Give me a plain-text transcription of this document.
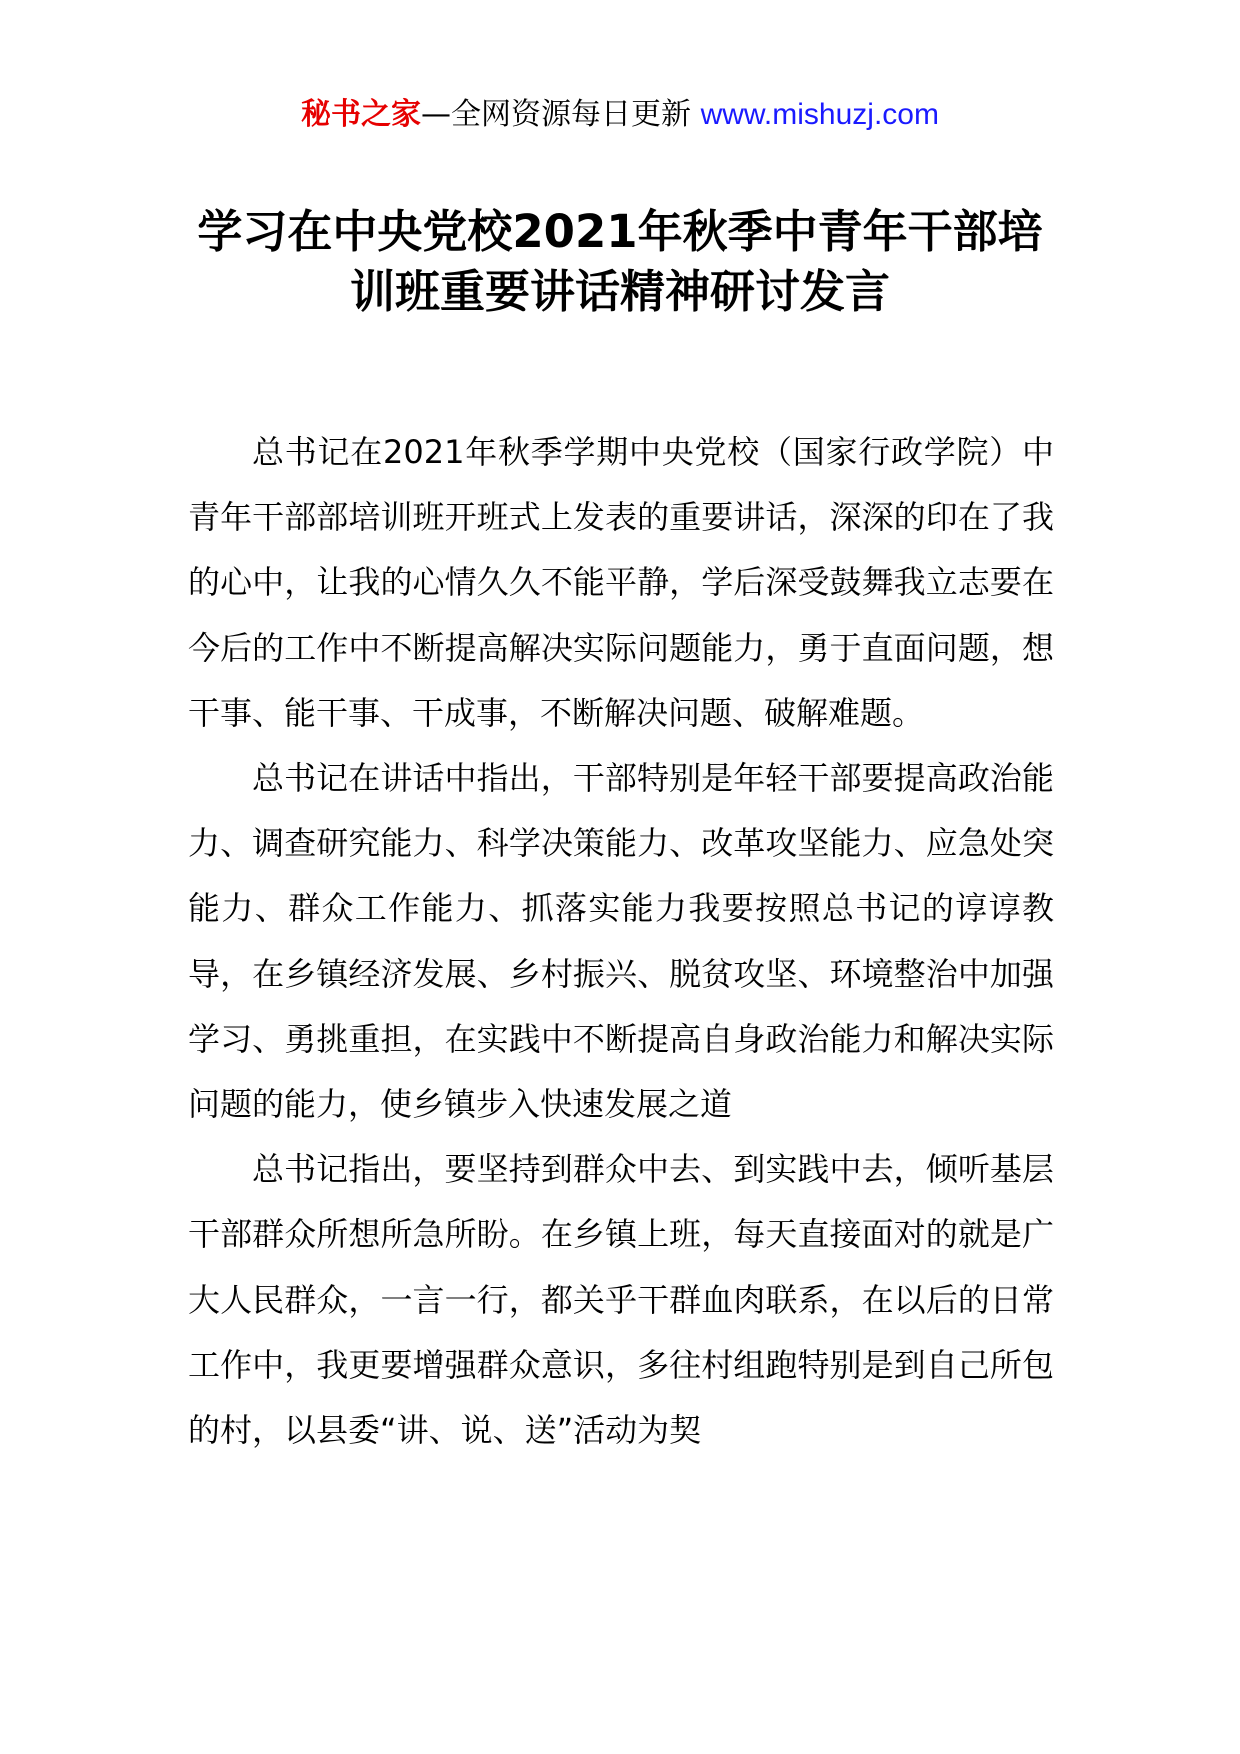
秘书之家—全网资源每日更新 www.mishuzj.com
学习在中央党校2021年秋季中青年干部培
训班重要讲话精神研讨发言

总书记在2021年秋季学期中央党校（国家行政学院）中青年干部部培训班开班式上发表的重要讲话，深深的印在了我的心中，让我的心情久久不能平静，学后深受鼓舞我立志要在今后的工作中不断提高解决实际问题能力，勇于直面问题，想干事、能干事、干成事，不断解决问题、破解难题。

总书记在讲话中指出，干部特别是年轻干部要提高政治能力、调查研究能力、科学决策能力、改革攻坚能力、应急处突能力、群众工作能力、抓落实能力我要按照总书记的谆谆教导，在乡镇经济发展、乡村振兴、脱贫攻坚、环境整治中加强学习、勇挑重担，在实践中不断提高自身政治能力和解决实际问题的能力，使乡镇步入快速发展之道

总书记指出，要坚持到群众中去、到实践中去，倾听基层干部群众所想所急所盼。在乡镇上班，每天直接面对的就是广大人民群众，一言一行，都关乎干群血肉联系，在以后的日常工作中，我更要增强群众意识，多往村组跑特别是到自己所包的村，以县委“讲、说、送”活动为契
